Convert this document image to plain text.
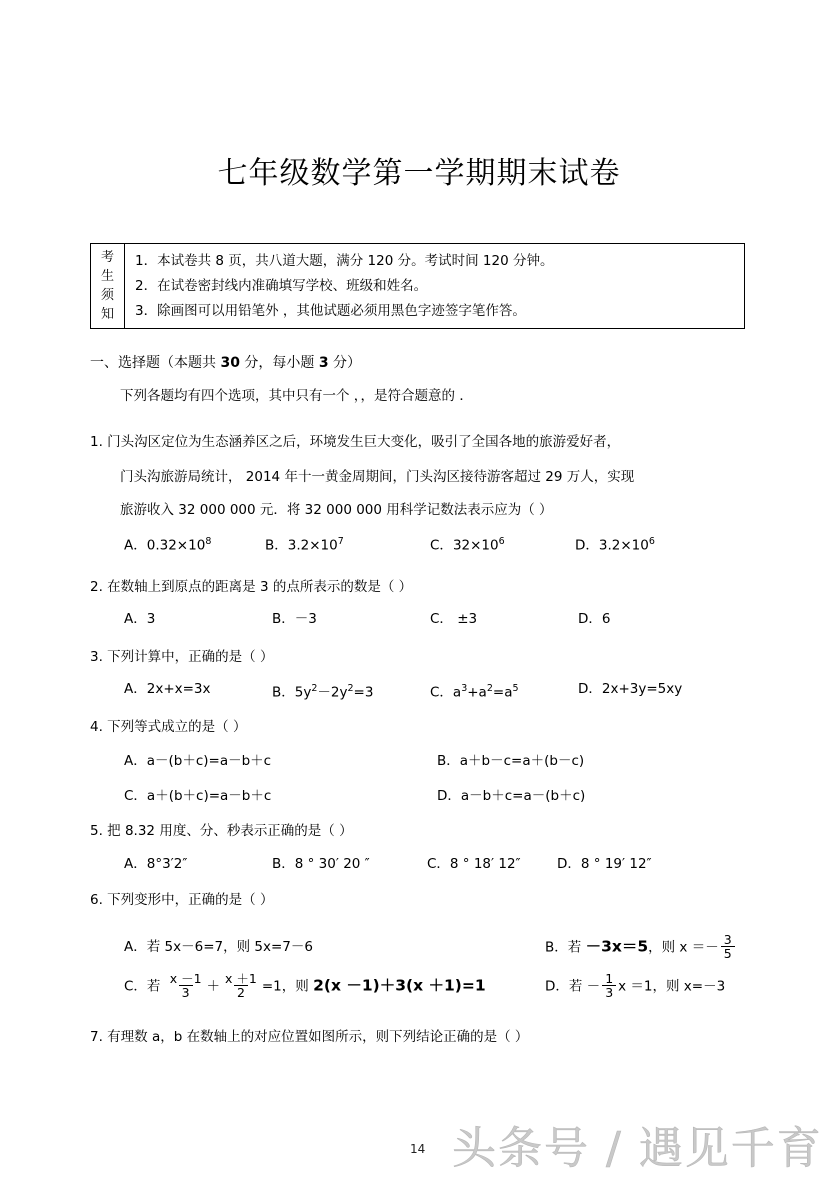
七年级数学第一学期期末试卷
考
生
须
知
1．本试卷共 8 页，共八道大题，满分 120 分。考试时间 120 分钟。
2．在试卷密封线内准确填写学校、班级和姓名。
3．除画图可以用铅笔外 ，其他试题必须用黑色字迹签字笔作答。
一、选择题（本题共 30 分，每小题 3 分）
下列各题均有四个选项，其中只有一个 ，，是符合题意的 ．
1. 门头沟区定位为生态涵养区之后，环境发生巨大变化，吸引了全国各地的旅游爱好者，
门头沟旅游局统计， 2014 年十一黄金周期间，门头沟区接待游客超过 29 万人，实现
旅游收入 32 000 000 元．将 32 000 000 用科学记数法表示应为（ ）
A．$0.32\times 10^8$	B．$3.2\times 10^7$	C．$32\times 10^6$	D．$3.2\times 10^6$
2. 在数轴上到原点的距离是 3 的点所表示的数是（ ）
A．3	B．－3	C． ±3	D．6
3. 下列计算中，正确的是（ ）
A．2x+x=3x	B．$5y^2-2y^2=3$	C．$a^3+a^2=a^5$	D．2x+3y=5xy
4. 下列等式成立的是（ ）
A．a－(b＋c)=a－b＋c	B．a＋b－c=a＋(b－c)
C．a＋(b＋c)=a－b＋c	D．a－b＋c=a－(b＋c)
5. 把 8.32 用度、分、秒表示正确的是（ ）
A．8°3′2″	B．8 ° 30′ 20 ″	C．8 ° 18′ 12″	D．8 ° 19′ 12″
6. 下列变形中，正确的是（ ）
A．若 5x－6=7，则 5x=7－6	B．若 －3x＝5，则 $x =- \frac{3}{5}$
C．若 $\frac{x -1}{3} + \frac{x +1}{2} =1$，则 2(x －1)＋3(x ＋1)=1	D．若 － $\frac{1}{3}$ x ＝1，则 x=－3
7. 有理数 a，b 在数轴上的对应位置如图所示，则下列结论正确的是（ ）
14 头条号 / 遇见千育
